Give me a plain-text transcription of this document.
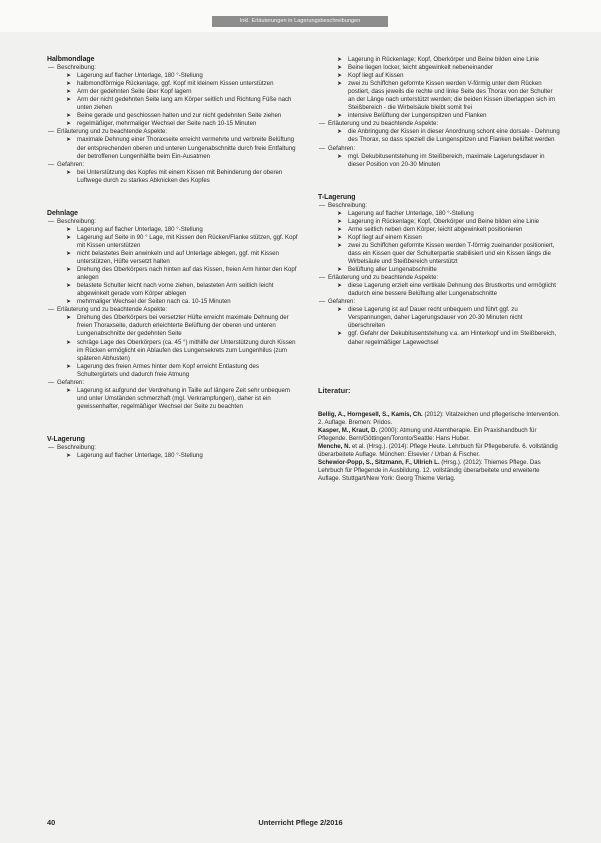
Inkl. Erläuterungen in Lagerungsbeschreibungen
Halbmondlage
— Beschreibung:
➤ Lagerung auf flacher Unterlage, 180 °-Stellung
➤ halbmondförmige Rückenlage, ggf. Kopf mit kleinem Kissen unterstützen
➤ Arm der gedehnten Seite über Kopf lagern
➤ Arm der nicht gedehnten Seite lang am Körper seitlich und Richtung Füße nach unten ziehen
➤ Beine gerade und geschlossen halten und zur nicht gedehnten Seite ziehen
➤ regelmäßiger, mehrmaliger Wechsel der Seite nach 10-15 Minuten
— Erläuterung und zu beachtende Aspekte:
➤ maximale Dehnung einer Thoraxseite erreicht vermehrte und verbreite Belüftung der entsprechenden oberen und unteren Lungenabschnitte durch freie Entfaltung der betroffenen Lungenhälfte beim Ein-Ausatmen
— Gefahren:
➤ bei Unterstützung des Kopfes mit einem Kissen mit Behinderung der oberen Luftwege durch zu starkes Abknicken des Kopfes
Dehnlage
— Beschreibung:
➤ Lagerung auf flacher Unterlage, 180 °-Stellung
➤ Lagerung auf Seite in 90 ° Lage, mit Kissen den Rücken/Flanke stützen, ggf. Kopf mit Kissen unterstützen
➤ nicht belastetes Bein anwinkeln und auf Unterlage ablegen, ggf. mit Kissen unterstützen, Hüfte versetzt halten
➤ Drehung des Oberkörpers nach hinten auf das Kissen, freien Arm hinter den Kopf anlegen
➤ belastete Schulter leicht nach vorne ziehen, belasteten Arm seitlich leicht abgewinkelt gerade vom Körper ablegen
➤ mehrmaliger Wechsel der Seiten nach ca. 10-15 Minuten
— Erläuterung und zu beachtende Aspekte:
➤ Drehung des Oberkörpers bei versetzter Hüfte erreicht maximale Dehnung der freien Thoraxseite, dadurch erleichterte Belüftung der oberen und unteren Lungenabschnitte der gedehnten Seite
➤ schräge Lage des Oberkörpers (ca. 45 °) mithilfe der Unterstützung durch Kissen im Rücken ermöglicht ein Ablaufen des Lungensekrets zum Lungenhilus (zum späteren Abhusten)
➤ Lagerung des freien Armes hinter dem Kopf erreicht Entlastung des Schultergürtels und dadurch freie Atmung
— Gefahren:
➤ Lagerung ist aufgrund der Verdrehung in Taille auf längere Zeit sehr unbequem und unter Umständen schmerzhaft (mgl. Verkrampfungen), daher ist ein gewissenhafter, regelmäßiger Wechsel der Seite zu beachten
V-Lagerung
— Beschreibung:
➤ Lagerung auf flacher Unterlage, 180 °-Stellung
➤ Lagerung in Rückenlage; Kopf, Oberkörper und Beine bilden eine Linie
➤ Beine liegen locker, leicht abgewinkelt nebeneinander
➤ Kopf liegt auf Kissen
➤ zwei zu Schiffchen geformte Kissen werden V-förmig unter dem Rücken postiert, dass jeweils die rechte und linke Seite des Thorax von der Schulter an der Länge nach unterstützt werden; die beiden Kissen überlappen sich im Steißbereich - die Wirbelsäule bleibt somit frei
➤ intensive Belüftung der Lungenspitzen und Flanken
— Erläuterung und zu beachtende Aspekte:
➤ die Anbringung der Kissen in dieser Anordnung schont eine dorsale - Dehnung des Thorax, so dass speziell die Lungenspitzen und Flanken belüftet werden
— Gefahren:
➤ mgl. Dekubitusentstehung im Steißbereich, maximale Lagerungsdauer in dieser Position von 20-30 Minuten
T-Lagerung
— Beschreibung:
➤ Lagerung auf flacher Unterlage, 180 °-Stellung
➤ Lagerung in Rückenlage; Kopf, Oberkörper und Beine bilden eine Linie
➤ Arme seitlich neben dem Körper, leicht abgewinkelt positionieren
➤ Kopf liegt auf einem Kissen
➤ zwei zu Schiffchen geformte Kissen werden T-förmig zueinander positioniert, dass ein Kissen quer der Schulterpartie stabilisiert und ein Kissen längs die Wirbelsäule und Steißbereich unterstützt
➤ Belüftung aller Lungenabschnitte
— Erläuterung und zu beachtende Aspekte:
➤ diese Lagerung erzielt eine vertikale Dehnung des Brustkorbs und ermöglicht dadurch eine bessere Belüftung aller Lungenabschnitte
— Gefahren:
➤ diese Lagerung ist auf Dauer recht unbequem und führt ggf. zu Verspannungen, daher Lagerungsdauer von 20-30 Minuten nicht überschreiten
➤ ggf. Gefahr der Dekubitusentstehung v.a. am Hinterkopf und im Steißbereich, daher regelmäßiger Lagewechsel
Literatur:
Bellig, A., Horngesell, S., Kamis, Ch. (2012): Vitalzeichen und pflegerische Intervention. 2. Auflage. Bremen: Pridos.
Kasper, M., Kraut, D. (2000): Atmung und Atemtherapie. Ein Praxishandbuch für Pflegende. Bern/Göttingen/Toronto/Seattle: Hans Huber.
Menche, N. et al. (Hrsg.). (2014): Pflege Heute. Lehrbuch für Pflegeberufe. 6. vollständig überarbeitete Auflage. München: Elsevier / Urban & Fischer.
Schewior-Popp, S., Sitzmann, F., Ullrich L. (Hrsg.). (2012): Thiemes Pflege. Das Lehrbuch für Pflegende in Ausbildung. 12. vollständig überarbeitete und erweiterte Auflage. Stuttgart/New York: Georg Thieme Verlag.
40	Unterricht Pflege 2/2016
